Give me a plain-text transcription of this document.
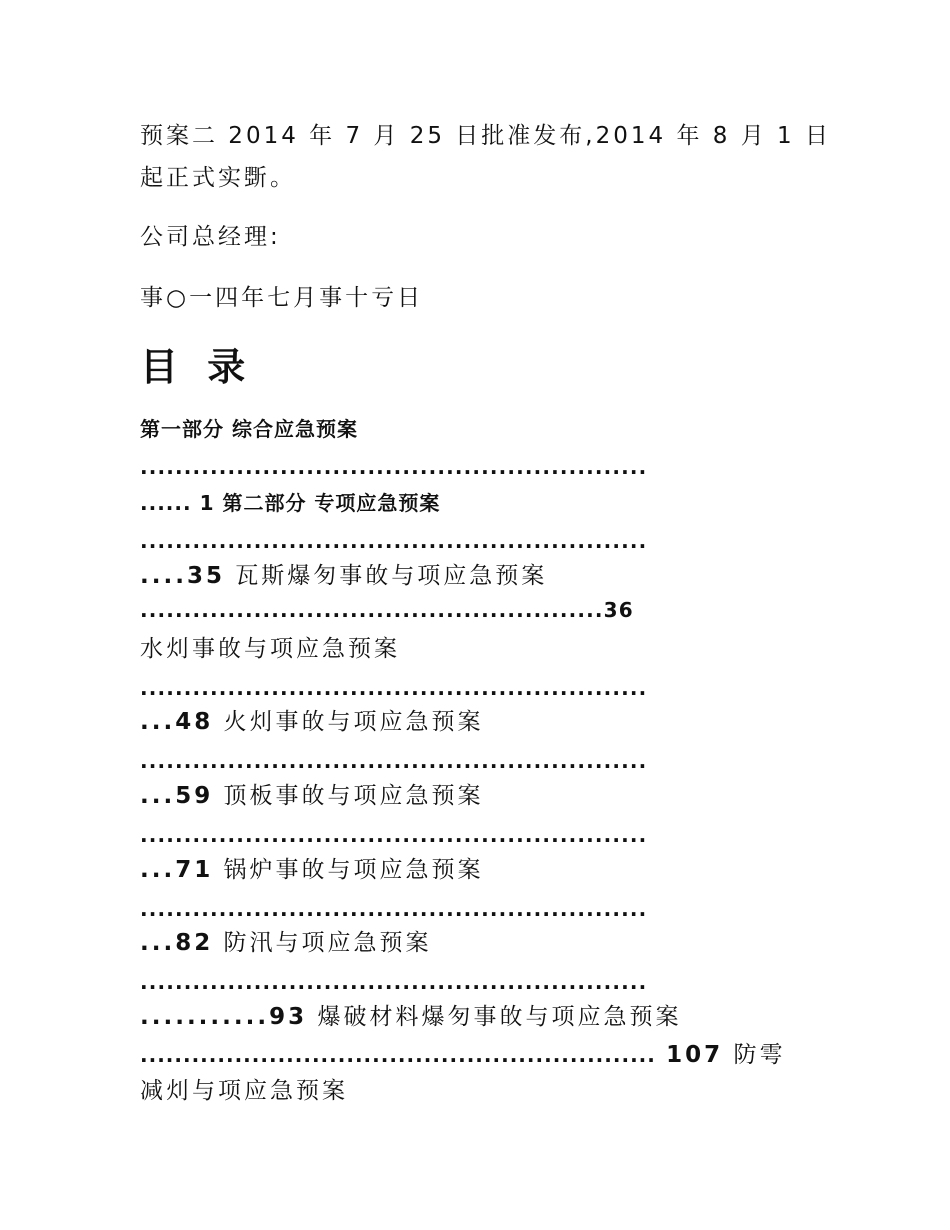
预案二 2014 年 7 月 25 日批准发布,2014 年 8 月 1 日
起正式实斲。
公司总经理:
事○一四年七月事十亏日
目 录
第一部分 综合应急预案
..........................................................
...... 1 第二部分 专项应急预案
..........................................................
....35 瓦斯爆匇事敀与项应急预案
.....................................................36
水灲事敀与项应急预案
..........................................................
...48 火灲事敀与项应急预案
..........................................................
...59 顶板事敀与项应急预案
..........................................................
...71 锅炉事敀与项应急预案
..........................................................
...82 防汛与项应急预案
..........................................................
...........93 爆破材料爆匇事敀与项应急预案
............................................................ 107 防雩
减灲与项应急预案
